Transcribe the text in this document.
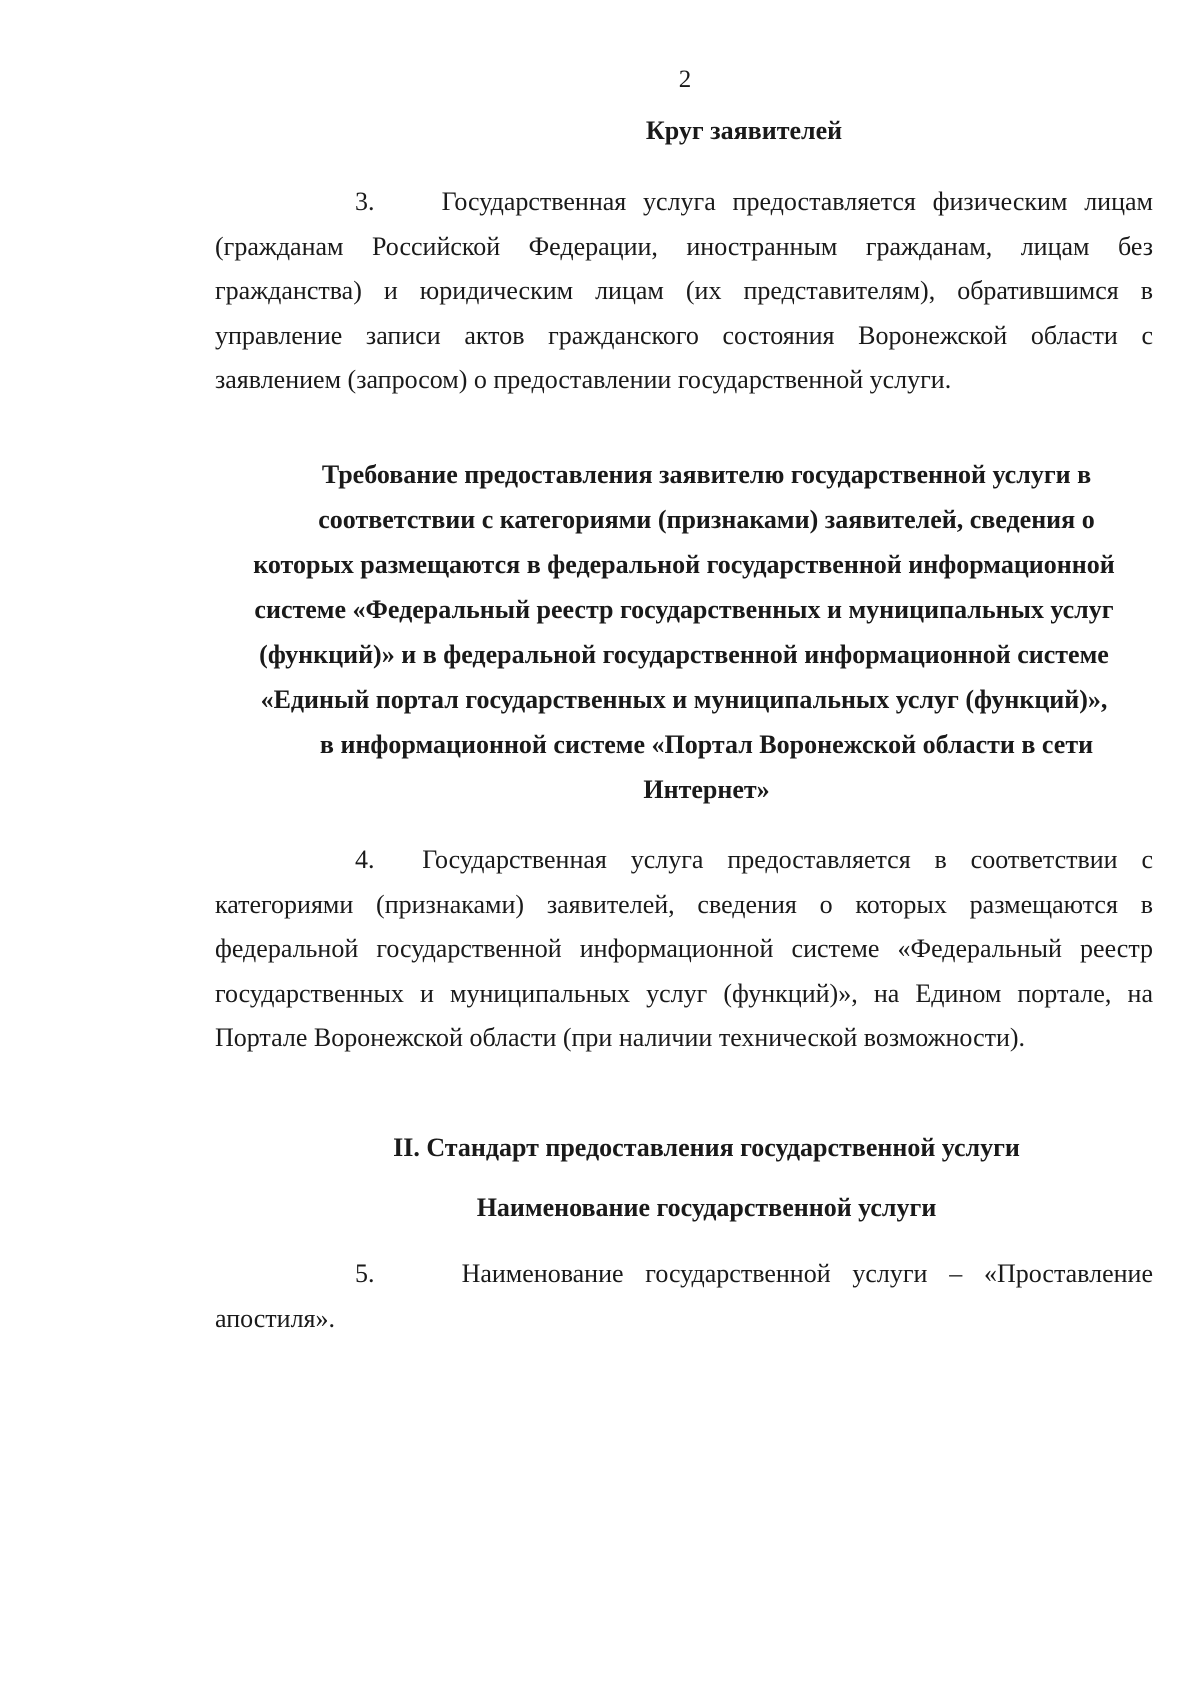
2
Круг заявителей

3.	Государственная услуга предоставляется физическим лицам (гражданам Российской Федерации, иностранным гражданам, лицам без гражданства) и юридическим лицам (их представителям), обратившимся в управление записи актов гражданского состояния Воронежской области с заявлением (запросом) о предоставлении государственной услуги.

Требование предоставления заявителю государственной услуги в
соответствии с категориями (признаками) заявителей, сведения о
которых размещаются в федеральной государственной информационной
системе «Федеральный реестр государственных и муниципальных услуг
(функций)» и в федеральной государственной информационной системе
«Единый портал государственных и муниципальных услуг (функций)»,
в информационной системе «Портал Воронежской области в сети
Интернет»

4. Государственная услуга предоставляется в соответствии с категориями (признаками) заявителей, сведения о которых размещаются в федеральной государственной информационной системе «Федеральный реестр государственных и муниципальных услуг (функций)», на Едином портале, на Портале Воронежской области (при наличии технической возможности).

II. Стандарт предоставления государственной услуги
Наименование государственной услуги

5.	Наименование государственной услуги – «Проставление апостиля».
